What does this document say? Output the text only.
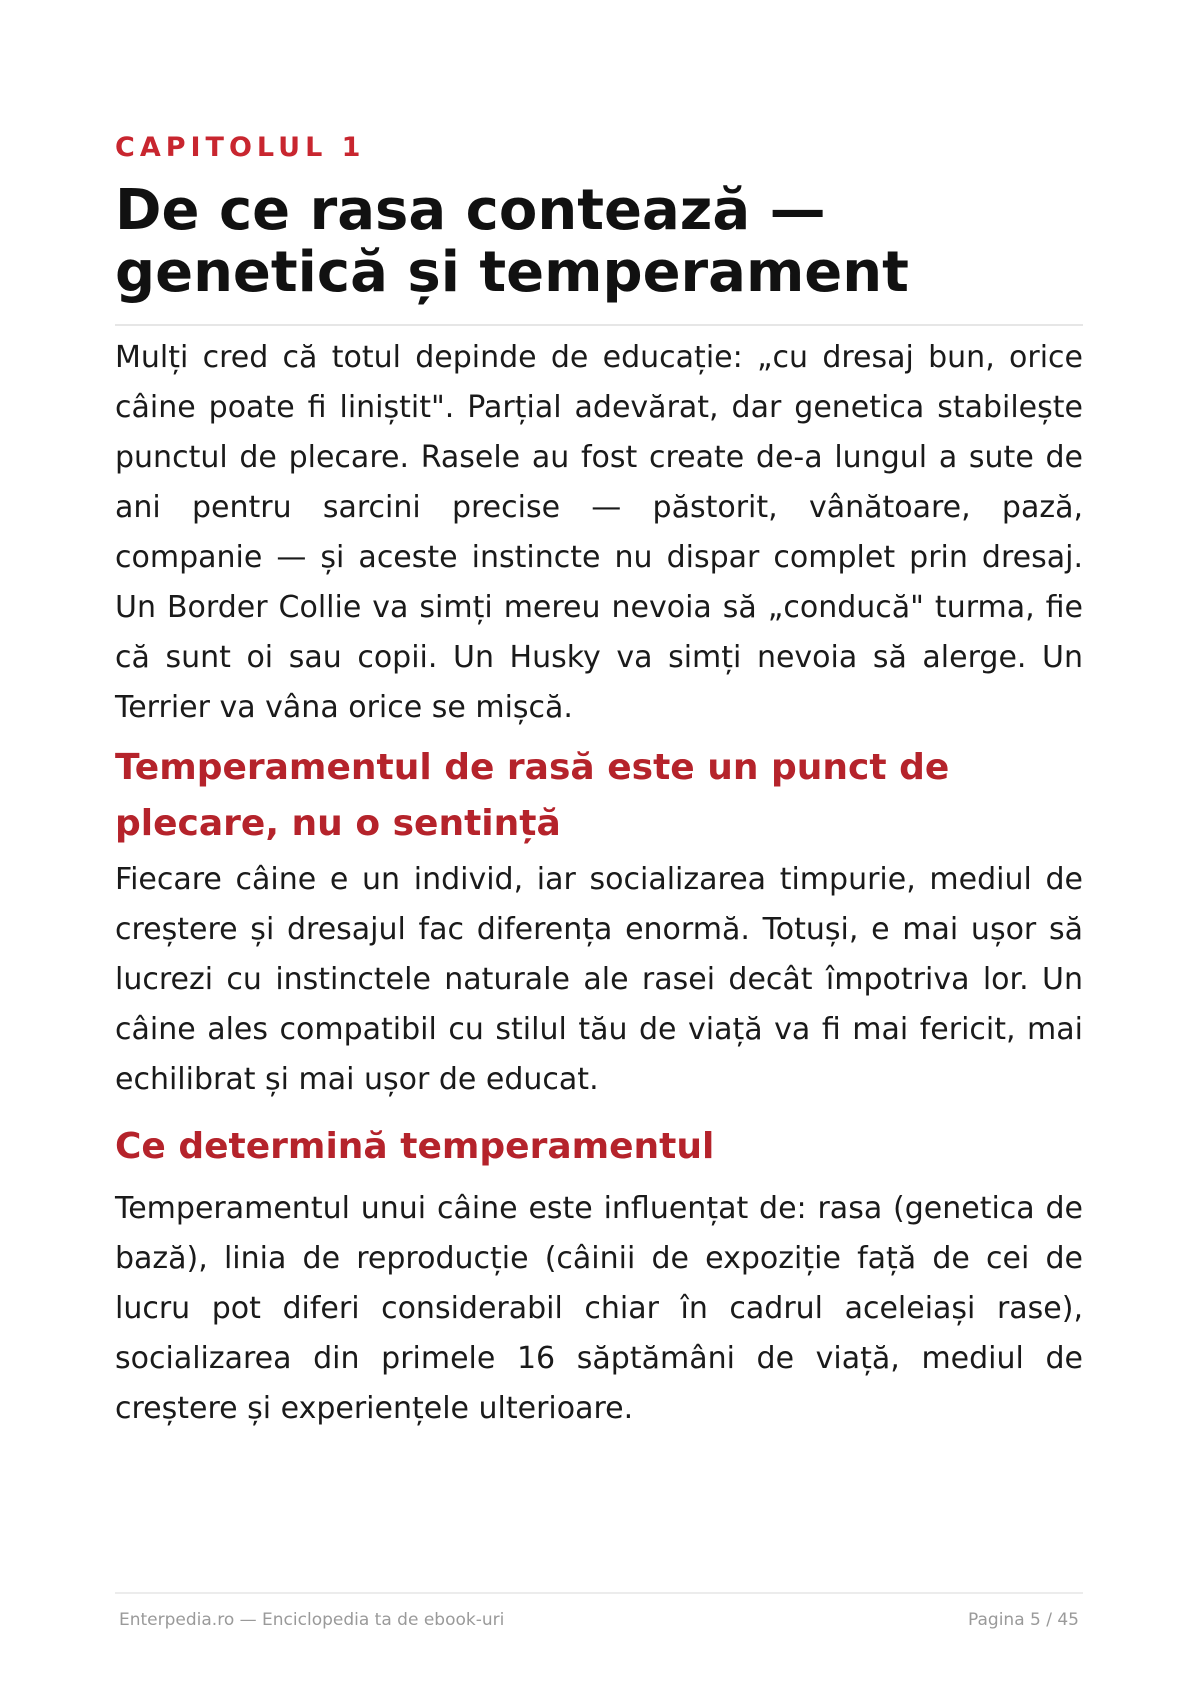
CAPITOLUL 1
De ce rasa contează —
genetică și temperament

Mulți cred că totul depinde de educație: „cu dresaj bun, orice câine poate fi liniștit". Parțial adevărat, dar genetica stabilește punctul de plecare. Rasele au fost create de-a lungul a sute de ani pentru sarcini precise — păstorit, vânătoare, pază, companie — și aceste instincte nu dispar complet prin dresaj. Un Border Collie va simți mereu nevoia să „conducă" turma, fie că sunt oi sau copii. Un Husky va simți nevoia să alerge. Un Terrier va vâna orice se mișcă.

Temperamentul de rasă este un punct de
plecare, nu o sentință

Fiecare câine e un individ, iar socializarea timpurie, mediul de creștere și dresajul fac diferența enormă. Totuși, e mai ușor să lucrezi cu instinctele naturale ale rasei decât împotriva lor. Un câine ales compatibil cu stilul tău de viață va fi mai fericit, mai echilibrat și mai ușor de educat.

Ce determină temperamentul

Temperamentul unui câine este influențat de: rasa (genetica de bază), linia de reproducție (câinii de expoziție față de cei de lucru pot diferi considerabil chiar în cadrul aceleiași rase), socializarea din primele 16 săptămâni de viață, mediul de creștere și experiențele ulterioare.

Enterpedia.ro — Enciclopedia ta de ebook-uri	Pagina 5 / 45
